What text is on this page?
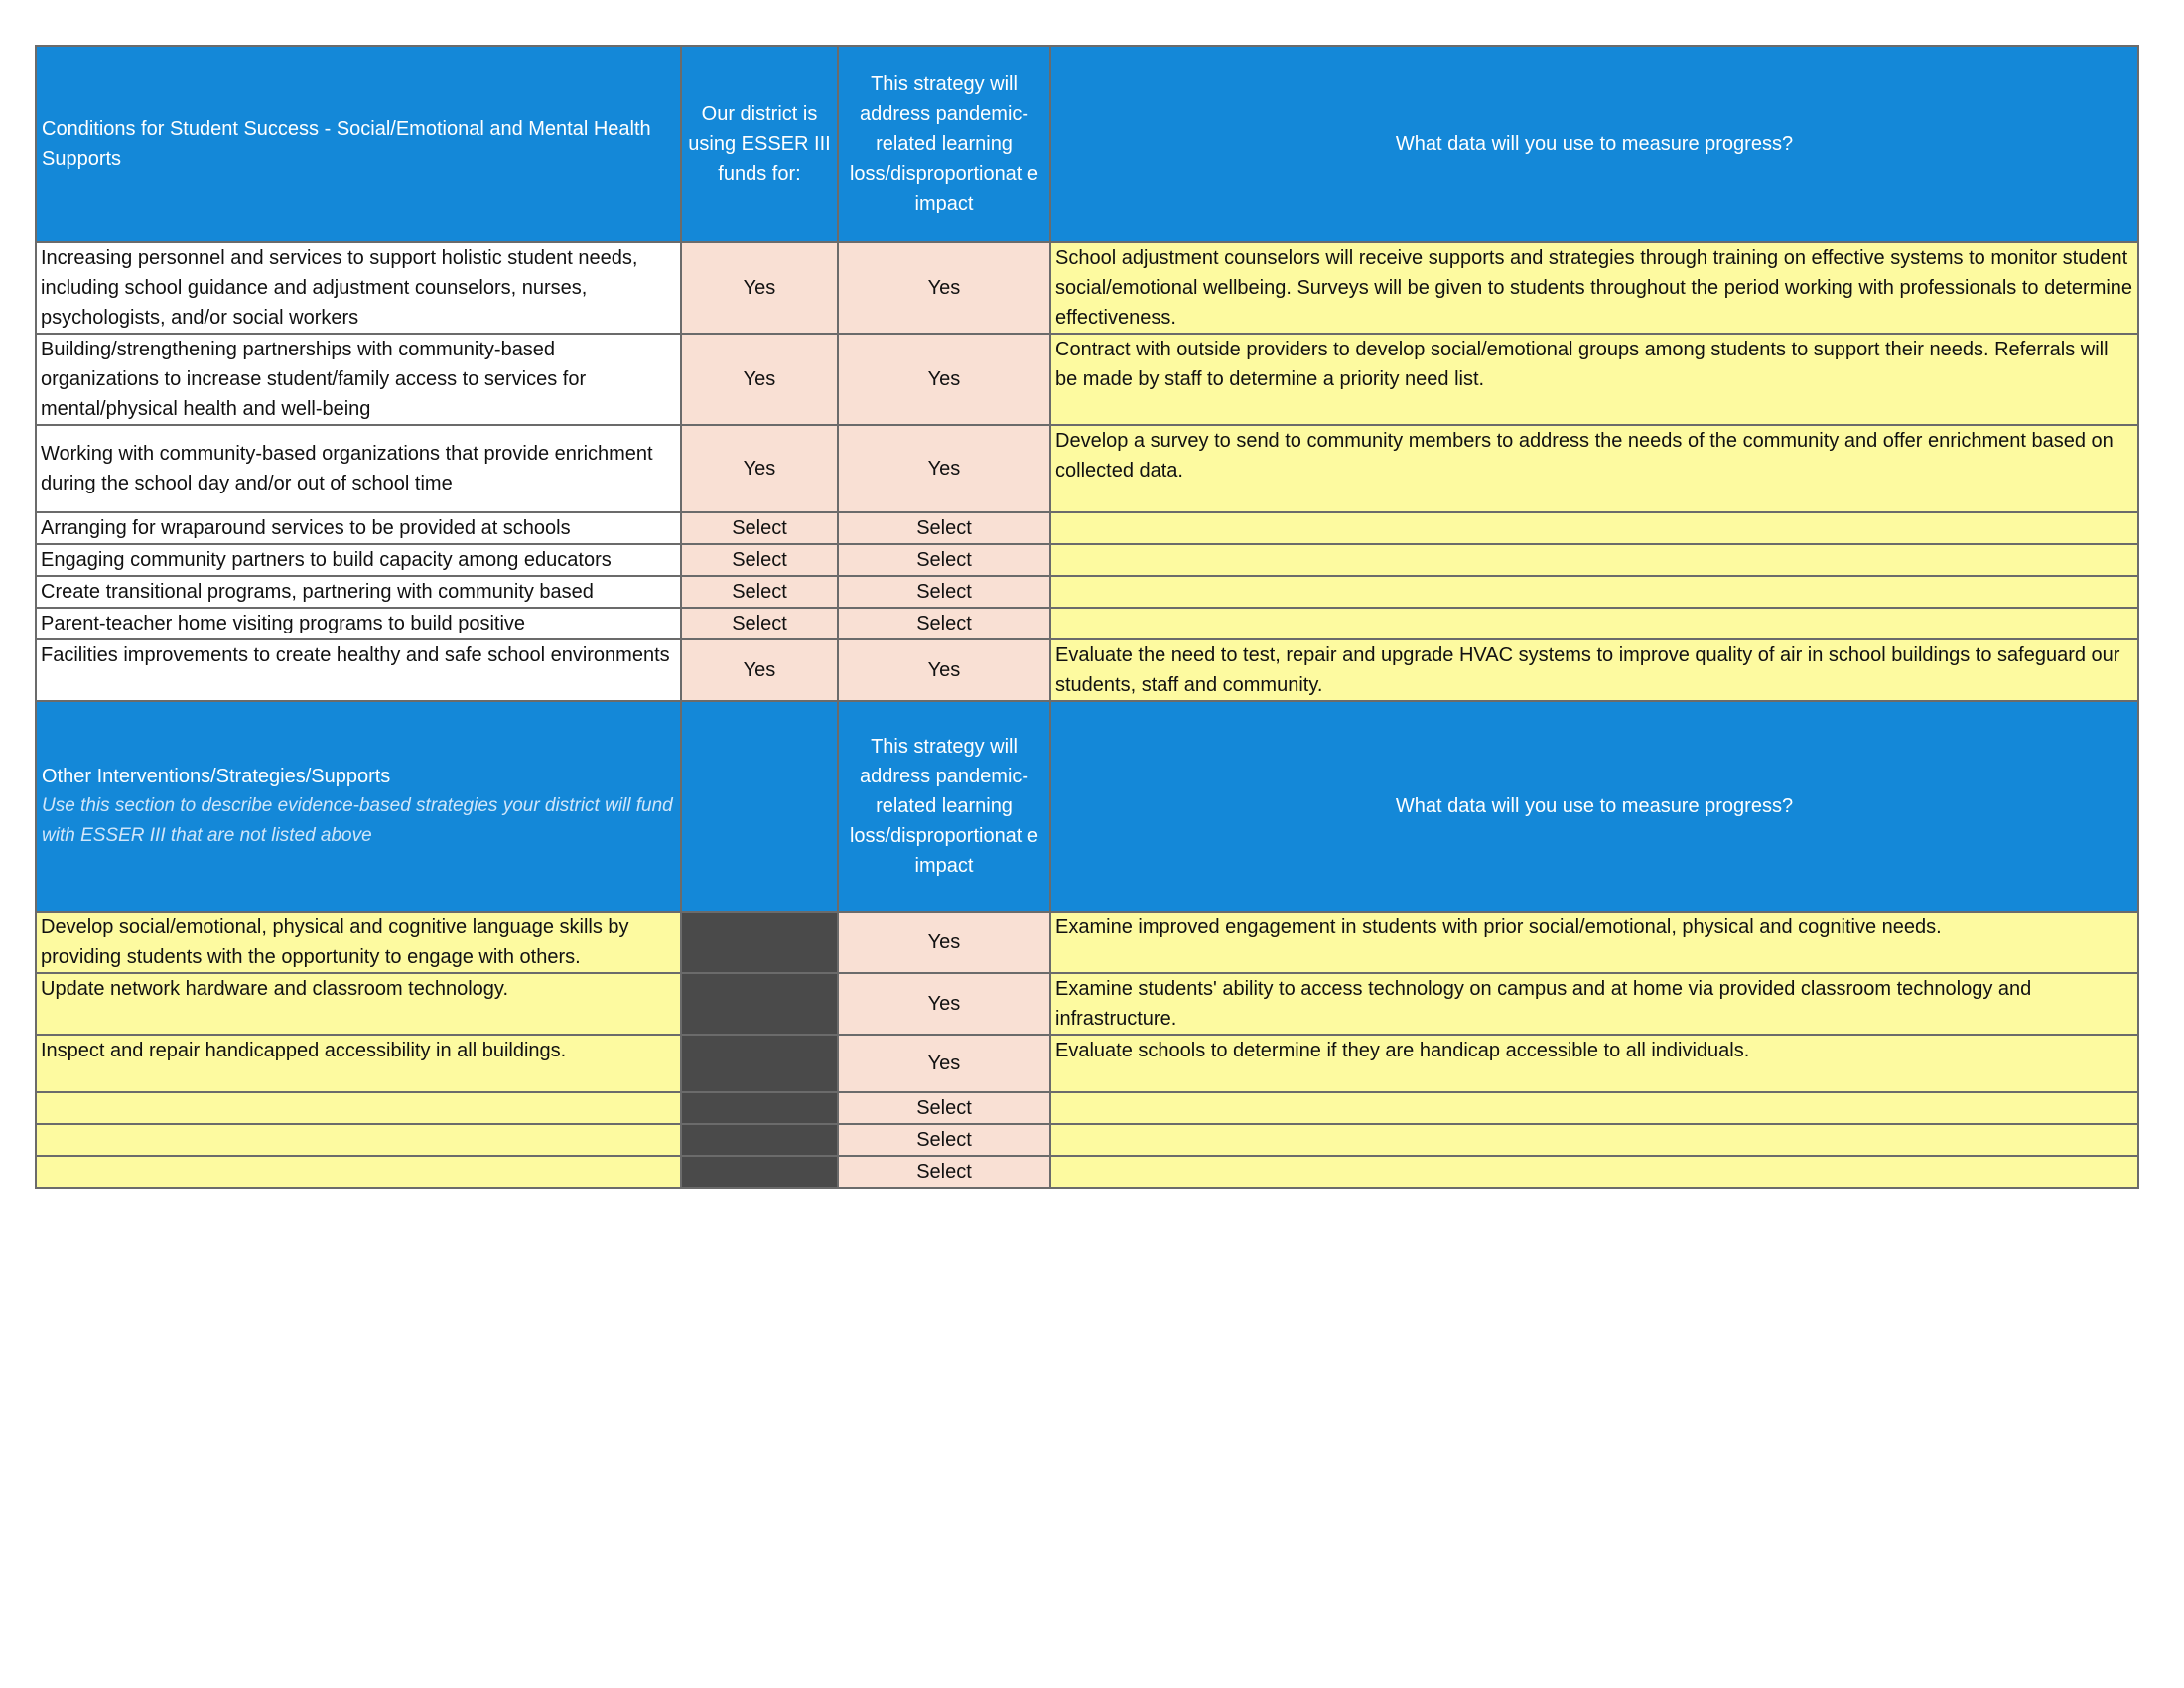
Conditions for Student Success - Social/Emotional and Mental Health Supports	Our district is using ESSER III funds for:	This strategy will address pandemic-related learning loss/disproportionat e impact	What data will you use to measure progress?
Increasing personnel and services to support holistic student needs, including school guidance and adjustment counselors, nurses, psychologists, and/or social workers	Yes	Yes	School adjustment counselors will receive supports and strategies through training on effective systems to monitor student social/emotional wellbeing. Surveys will be given to students throughout the period working with professionals to determine effectiveness.
Building/strengthening partnerships with community-based organizations to increase student/family access to services for mental/physical health and well-being	Yes	Yes	Contract with outside providers to develop social/emotional groups among students to support their needs. Referrals will be made by staff to determine a priority need list.
Working with community-based organizations that provide enrichment during the school day and/or out of school time	Yes	Yes	Develop a survey to send to community members to address the needs of the community and offer enrichment based on collected data.
Arranging for wraparound services to be provided at schools	Select	Select	
Engaging community partners to build capacity among educators	Select	Select	
Create transitional programs, partnering with community based	Select	Select	
Parent-teacher home visiting programs to build positive	Select	Select	
Facilities improvements to create healthy and safe school environments	Yes	Yes	Evaluate the need to test, repair and upgrade HVAC systems to improve quality of air in school buildings to safeguard our students, staff and community.

Other Interventions/Strategies/Supports
Use this section to describe evidence-based strategies your district will fund with ESSER III that are not listed above		This strategy will address pandemic-related learning loss/disproportionat e impact	What data will you use to measure progress?
Develop social/emotional, physical and cognitive language skills by providing students with the opportunity to engage with others.		Yes	Examine improved engagement in students with prior social/emotional, physical and cognitive needs.
Update network hardware and classroom technology.		Yes	Examine students' ability to access technology on campus and at home via provided classroom technology and infrastructure.
Inspect and repair handicapped accessibility in all buildings.		Yes	Evaluate schools to determine if they are handicap accessible to all individuals.
		Select	
		Select	
		Select	
